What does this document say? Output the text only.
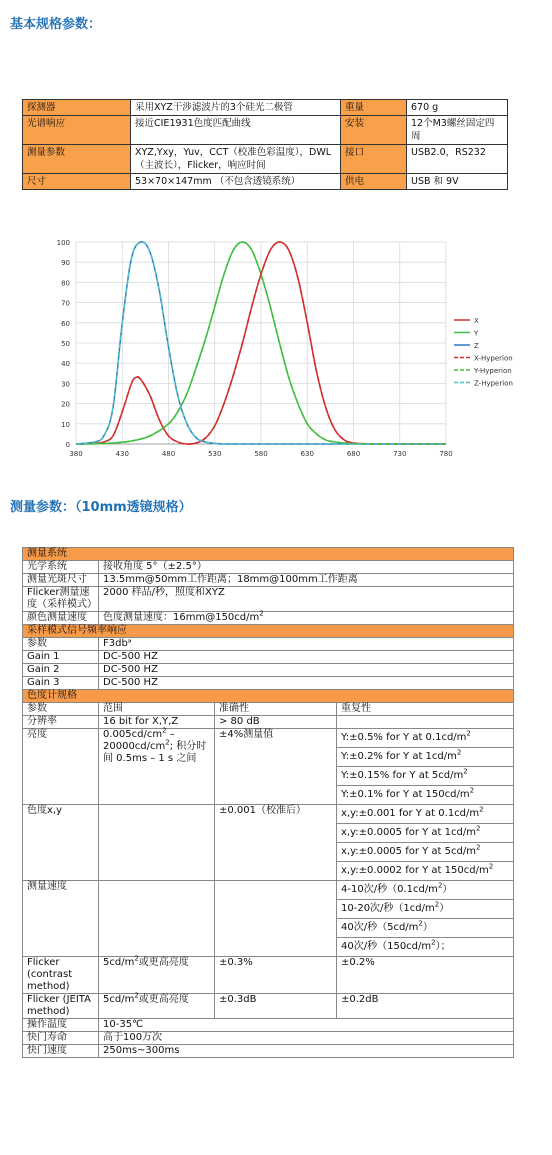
基本规格参数：
探测器	采用XYZ干涉滤波片的3个硅光二极管	重量	670 g
光谱响应	接近CIE1931色度匹配曲线	安装	12个M3螺丝固定四周
测量参数	XYZ,Yxy，Yuv，CCT（校准色彩温度），DWL（主波长），Flicker，响应时间	接口	USB2.0，RS232
尺寸	53×70×147mm （不包含透镜系统）	供电	USB 和 9V
0
10
20
30
40
50
60
70
80
90
100
380	430	480	530	580	630	680	730	780
X
Y
Z
X-Hyperion
Y-Hyperion
Z-Hyperion
测量参数：（10mm透镜规格）
测量系统			
光学系统	接收角度 5°（±2.5°）		
测量光斑尺寸	13.5mm@50mm工作距离；18mm@100mm工作距离		
Flicker测量速度（采样模式）	2000 样品/秒，照度和XYZ		
颜色测量速度	色度测量速度：$16mm@150cd/m^2$
采样模式信号频率响应			
参数	F3dbᵃ		
Gain 1	DC-500 HZ		
Gain 2	DC-500 HZ		
Gain 3	DC-500 HZ		
色度计规格			
参数	范围	准确性	重复性
分辨率	16 bit for X,Y,Z	> 80 dB	
亮度	$0.005cd/cm^2 - 20000cd/cm^2$; 积分时间 0.5ms – 1 s 之间	±4%测量值	Y:±0.5% for Y at $0.1cd/m^2$
			Y:±0.2% for Y at $1cd/m^2$
			Y:±0.15% for Y at $5cd/m^2$
			Y:±0.1% for Y at $150cd/m^2$
色度x,y		±0.001（校准后）	x,y:±0.001 for Y at $0.1cd/m^2$
			x,y:±0.0005 for Y at $1cd/m^2$
			x,y:±0.0005 for Y at $5cd/m^2$
			x,y:±0.0002 for Y at $150cd/m^2$
测量速度			4-10次/秒$(0.1cd/m^2)$
			10-20次/秒$(1cd/m^2)$
			40次/秒$(5cd/m^2)$
			40次/秒$(150cd/m^2)$；
Flicker (contrast method)	$5cd/m^2$或更高亮度	±0.3%	±0.2%
Flicker (JEITA method)	$5cd/m^2$或更高亮度	±0.3dB	±0.2dB
操作温度	10-35℃		
快门寿命	高于100万次		
快门速度	250ms~300ms		
